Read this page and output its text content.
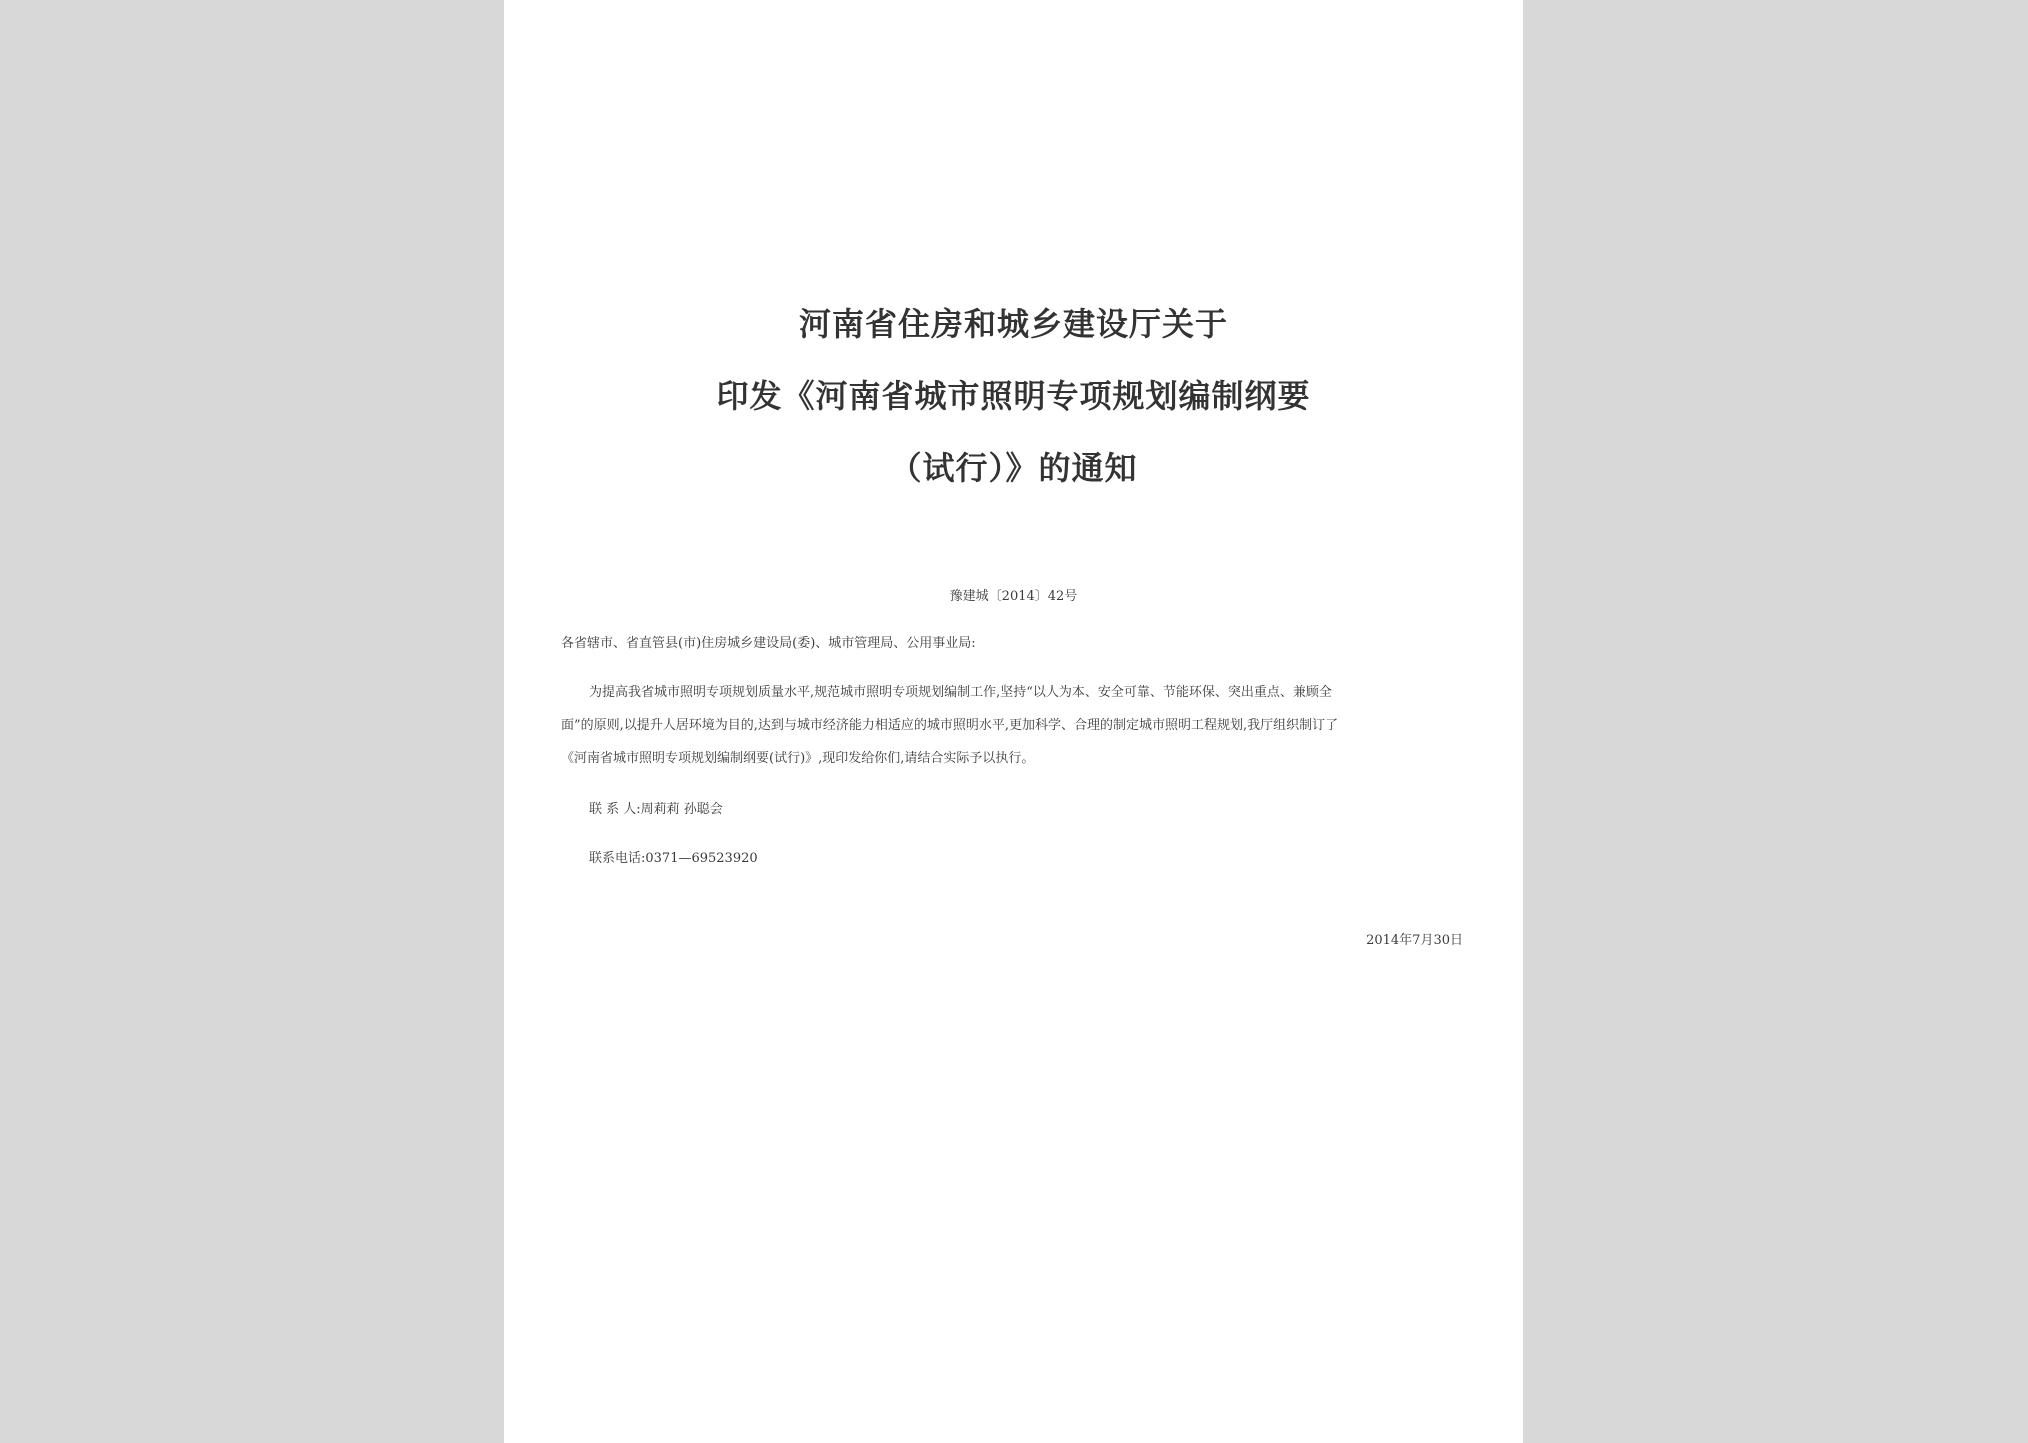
河南省住房和城乡建设厅关于
印发《河南省城市照明专项规划编制纲要
（试行）》的通知
豫建城〔2014〕42号
各省辖市、省直管县(市)住房城乡建设局(委)、城市管理局、公用事业局:
为提高我省城市照明专项规划质量水平,规范城市照明专项规划编制工作,坚持“以人为本、安全可靠、节能环保、突出重点、兼顾全
面”的原则,以提升人居环境为目的,达到与城市经济能力相适应的城市照明水平,更加科学、合理的制定城市照明工程规划,我厅组织制订了
《河南省城市照明专项规划编制纲要(试行)》,现印发给你们,请结合实际予以执行。
联 系 人:周莉莉 孙聪会
联系电话:0371—69523920
2014年7月30日
